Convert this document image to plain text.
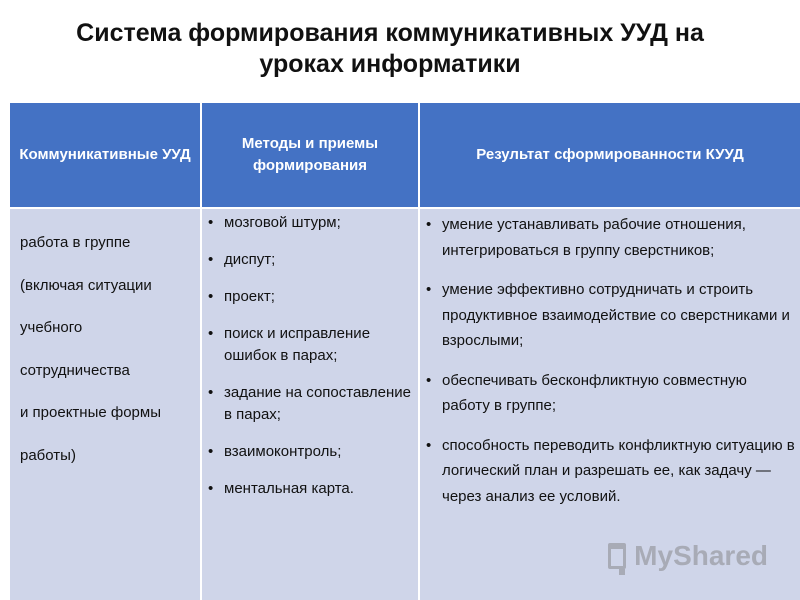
Система формирования коммуникативных УУД на
уроках информатики
Коммуникативные УУД
Методы и приемы формирования
Результат сформированности КУУД
работа в группе
(включая ситуации
учебного
сотрудничества
и проектные формы
работы)
• мозговой штурм;
• диспут;
• проект;
• поиск и исправление ошибок в парах;
• задание на сопоставление в парах;
• взаимоконтроль;
• ментальная карта.
• умение устанавливать рабочие отношения, интегрироваться в группу сверстников;
• умение эффективно сотрудничать и строить продуктивное взаимодействие со сверстниками и взрослыми;
• обеспечивать бесконфликтную совместную работу в группе;
• способность переводить конфликтную ситуацию в логический план и разрешать ее, как задачу — через анализ ее условий.
MyShared
